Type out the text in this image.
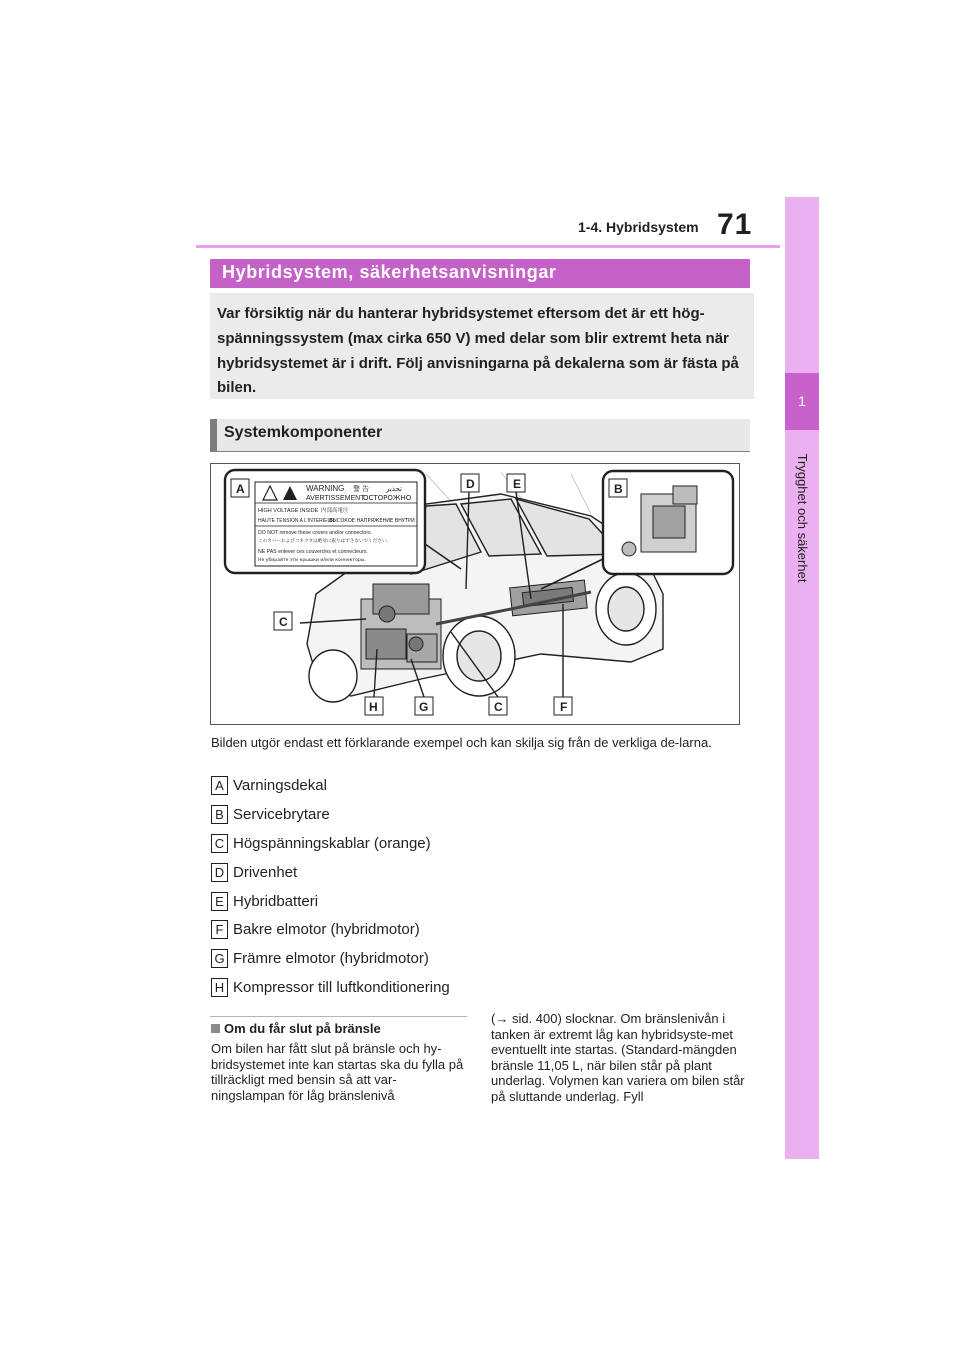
1-4. Hybridsystem 71
1
Trygghet och säkerhet
Hybridsystem, säkerhetsanvisningar
Var försiktig när du hanterar hybridsystemet eftersom det är ett hög-spänningssystem (max cirka 650 V) med delar som blir extremt heta när hybridsystemet är i drift. Följ anvisningarna på dekalerna som är fästa på bilen.
Systemkomponenter
WARNING 警 告 تحذير
AVERTISSEMENT
ОСТОРОЖНО
HIGH VOLTAGE INSIDE 内部高電圧
HAUTE TENSION A L'INTERIEUR
ВЫСОКОЕ НАПРЯЖЕНИЕ ВНУТРИ
DO NOT remove these covers and/or connectors.
このカバーおよびコネクタは絶対に取りはずさないでください。
NE PAS enlever ces couvercles et connecteurs.
Не убирайте эти крышки и/или коннекторы.
A	B
C
D	E
F
G	C
H
Bilden utgör endast ett förklarande exempel och kan skilja sig från de verkliga de-larna.
A Varningsdekal
B Servicebrytare
C Högspänningskablar (orange)
D Drivenhet
E Hybridbatteri
F Bakre elmotor (hybridmotor)
G Främre elmotor (hybridmotor)
H Kompressor till luftkonditionering
Om du får slut på bränsle
Om bilen har fått slut på bränsle och hy-bridsystemet inte kan startas ska du fylla på tillräckligt med bensin så att var-ningslampan för låg bränslenivå
(→ sid. 400) slocknar. Om bränslenivån i tanken är extremt låg kan hybridsyste-met eventuellt inte startas. (Standard-mängden bränsle 11,05 L, när bilen står på plant underlag. Volymen kan variera om bilen står på sluttande underlag. Fyll
